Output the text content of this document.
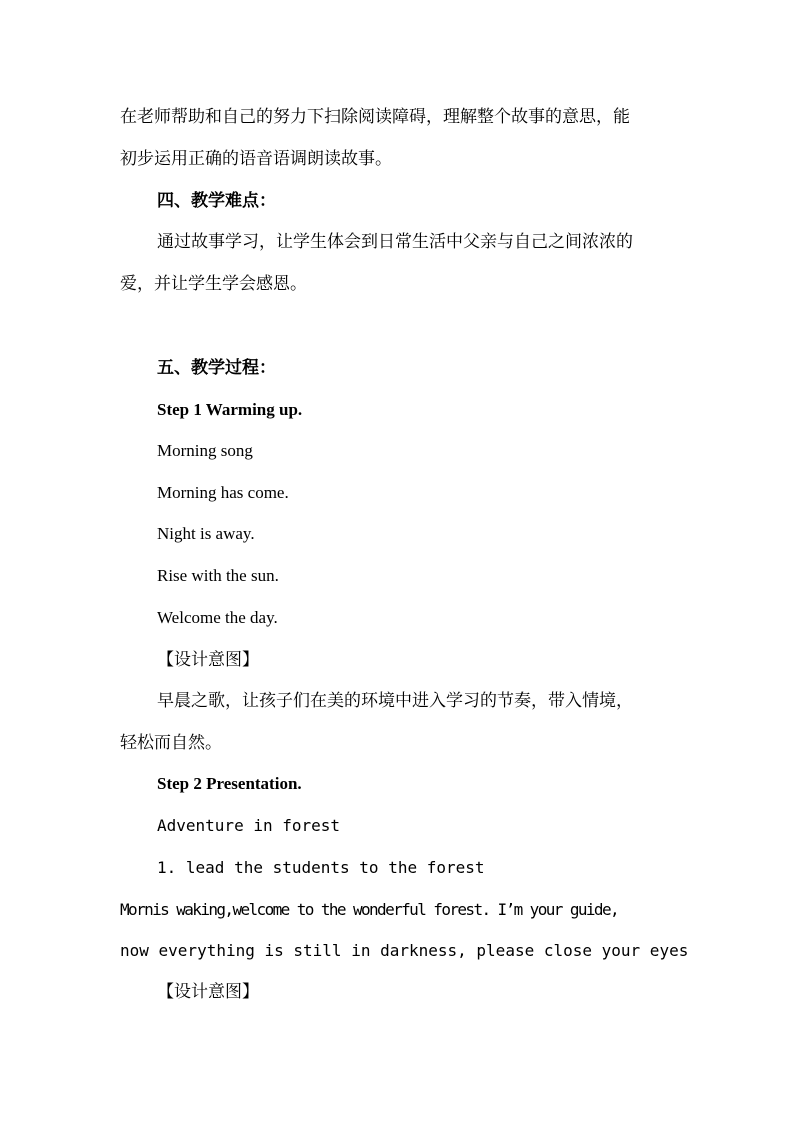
在老师帮助和自己的努力下扫除阅读障碍，理解整个故事的意思，能
初步运用正确的语音语调朗读故事。
四、教学难点：
通过故事学习，让学生体会到日常生活中父亲与自己之间浓浓的
爱，并让学生学会感恩。
五、教学过程：
Step 1 Warming up.
Morning song
Morning has come.
Night is away.
Rise with the sun.
Welcome the day.
【设计意图】
早晨之歌，让孩子们在美的环境中进入学习的节奏，带入情境，
轻松而自然。
Step 2 Presentation.
Adventure in forest
1. lead the students to the forest
Mornis waking,welcome to the wonderful forest. I’m your guide,
now everything is still in darkness, please close your eyes
【设计意图】
